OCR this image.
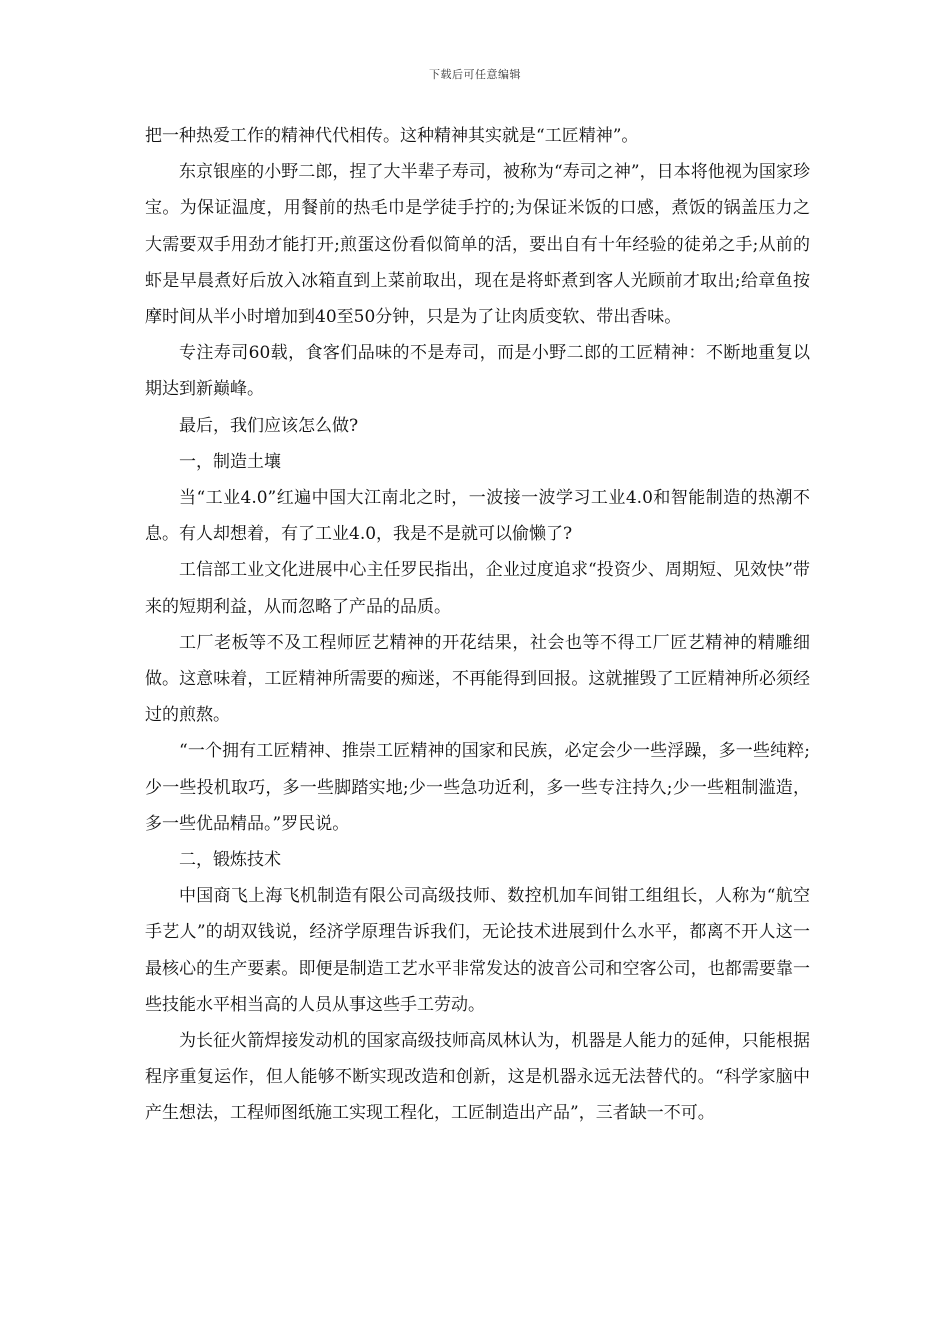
下载后可任意编辑

把一种热爱工作的精神代代相传。这种精神其实就是“工匠精神”。

东京银座的小野二郎，捏了大半辈子寿司，被称为“寿司之神”，日本将他视为国家珍宝。为保证温度，用餐前的热毛巾是学徒手拧的;为保证米饭的口感，煮饭的锅盖压力之大需要双手用劲才能打开;煎蛋这份看似简单的活，要出自有十年经验的徒弟之手;从前的虾是早晨煮好后放入冰箱直到上菜前取出，现在是将虾煮到客人光顾前才取出;给章鱼按摩时间从半小时增加到40至50分钟，只是为了让肉质变软、带出香味。

专注寿司60载，食客们品味的不是寿司，而是小野二郎的工匠精神：不断地重复以期达到新巅峰。

最后，我们应该怎么做?

一，制造土壤

当“工业4.0”红遍中国大江南北之时，一波接一波学习工业4.0和智能制造的热潮不息。有人却想着，有了工业4.0，我是不是就可以偷懒了?

工信部工业文化进展中心主任罗民指出，企业过度追求“投资少、周期短、见效快”带来的短期利益，从而忽略了产品的品质。

工厂老板等不及工程师匠艺精神的开花结果，社会也等不得工厂匠艺精神的精雕细做。这意味着，工匠精神所需要的痴迷，不再能得到回报。这就摧毁了工匠精神所必须经过的煎熬。

“一个拥有工匠精神、推崇工匠精神的国家和民族，必定会少一些浮躁，多一些纯粹;少一些投机取巧，多一些脚踏实地;少一些急功近利，多一些专注持久;少一些粗制滥造，多一些优品精品。”罗民说。

二，锻炼技术

中国商飞上海飞机制造有限公司高级技师、数控机加车间钳工组组长，人称为“航空手艺人”的胡双钱说，经济学原理告诉我们，无论技术进展到什么水平，都离不开人这一最核心的生产要素。即便是制造工艺水平非常发达的波音公司和空客公司，也都需要靠一些技能水平相当高的人员从事这些手工劳动。

为长征火箭焊接发动机的国家高级技师高凤林认为，机器是人能力的延伸，只能根据程序重复运作，但人能够不断实现改造和创新，这是机器永远无法替代的。“科学家脑中产生想法，工程师图纸施工实现工程化，工匠制造出产品”，三者缺一不可。
